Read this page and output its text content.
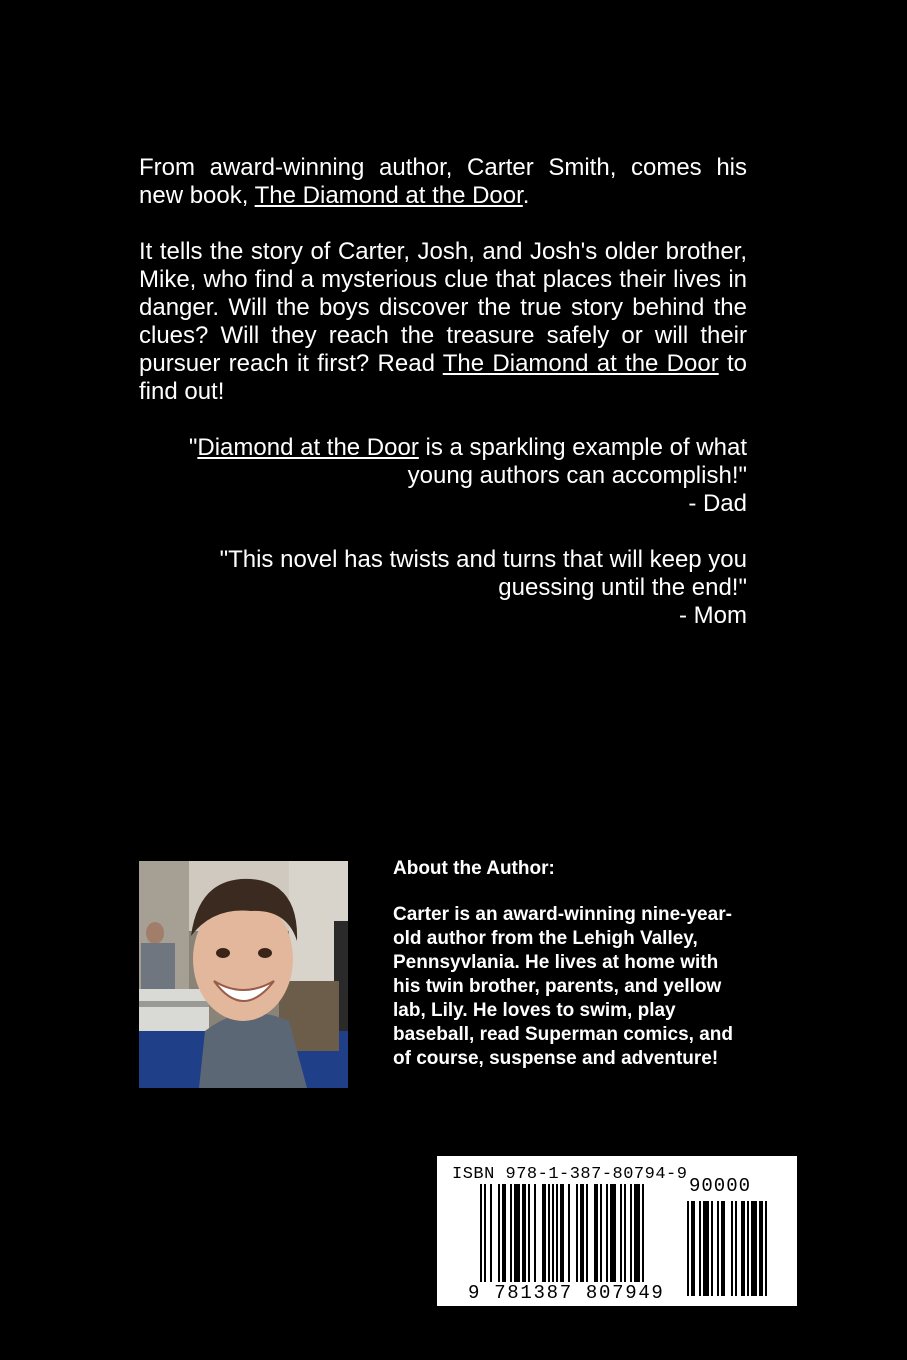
From award-winning author, Carter Smith, comes his new book, The Diamond at the Door.

It tells the story of Carter, Josh, and Josh's older brother, Mike, who find a mysterious clue that places their lives in danger. Will the boys discover the true story behind the clues? Will they reach the treasure safely or will their pursuer reach it first? Read The Diamond at the Door to find out!

"Diamond at the Door is a sparkling example of what young authors can accomplish!"
- Dad
"This novel has twists and turns that will keep you guessing until the end!"
- Mom
About the Author:
Carter is an award-winning nine-year-old author from the Lehigh Valley, Pennsyvlania. He lives at home with his twin brother, parents, and yellow lab, Lily. He loves to swim, play baseball, read Superman comics, and of course, suspense and adventure!
ISBN 978-1-387-80794-9
90000
9 781387 807949
